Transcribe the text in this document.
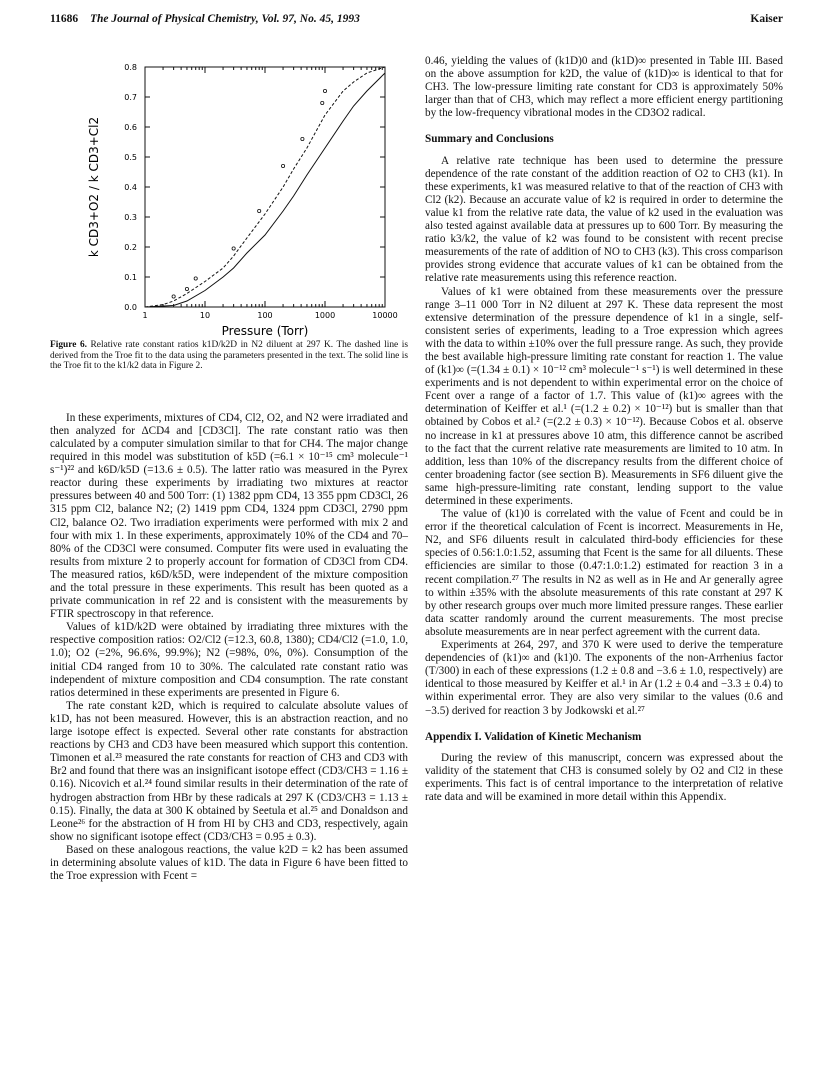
11686 The Journal of Physical Chemistry, Vol. 97, No. 45, 1993	Kaiser
0.0
0.1
0.2
0.3
0.4
0.5
0.6
0.7
0.8
1	10	100	1000	10000
Pressure (Torr)
k CD3+O2 / k CD3+Cl2
Figure 6. Relative rate constant ratios k1D/k2D in N2 diluent at 297 K. The dashed line is derived from the Troe fit to the data using the parameters presented in the text. The solid line is the Troe fit to the k1/k2 data in Figure 2.

In these experiments, mixtures of CD4, Cl2, O2, and N2 were irradiated and then analyzed for ΔCD4 and [CD3Cl]. The rate constant ratio was then calculated by a computer simulation similar to that for CH4. The major change required in this model was substitution of k5D (=6.1 × 10⁻¹⁵ cm³ molecule⁻¹ s⁻¹)²² and k6D/k5D (=13.6 ± 0.5). The latter ratio was measured in the Pyrex reactor during these experiments by irradiating two mixtures at reactor pressures between 40 and 500 Torr: (1) 1382 ppm CD4, 13 355 ppm CD3Cl, 26 315 ppm Cl2, balance N2; (2) 1419 ppm CD4, 1324 ppm CD3Cl, 2790 ppm Cl2, balance O2. Two irradiation experiments were performed with mix 2 and four with mix 1. In these experiments, approximately 10% of the CD4 and 70–80% of the CD3Cl were consumed. Computer fits were used in evaluating the results from mixture 2 to properly account for formation of CD3Cl from CD4. The measured ratios, k6D/k5D, were independent of the mixture composition and the total pressure in these experiments. This result has been quoted as a private communication in ref 22 and is consistent with the measurements by FTIR spectroscopy in that reference.

Values of k1D/k2D were obtained by irradiating three mixtures with the respective composition ratios: O2/Cl2 (=12.3, 60.8, 1380); CD4/Cl2 (=1.0, 1.0, 1.0); O2 (=2%, 96.6%, 99.9%); N2 (=98%, 0%, 0%). Consumption of the initial CD4 ranged from 10 to 30%. The calculated rate constant ratio was independent of mixture composition and CD4 consumption. The rate constant ratios determined in these experiments are presented in Figure 6.

The rate constant k2D, which is required to calculate absolute values of k1D, has not been measured. However, this is an abstraction reaction, and no large isotope effect is expected. Several other rate constants for abstraction reactions by CH3 and CD3 have been measured which support this contention. Timonen et al.²³ measured the rate constants for reaction of CH3 and CD3 with Br2 and found that there was an insignificant isotope effect (CD3/CH3 = 1.16 ± 0.16). Nicovich et al.²⁴ found similar results in their determination of the rate of hydrogen abstraction from HBr by these radicals at 297 K (CD3/CH3 = 1.13 ± 0.15). Finally, the data at 300 K obtained by Seetula et al.²⁵ and Donaldson and Leone²⁶ for the abstraction of H from HI by CH3 and CD3, respectively, again show no significant isotope effect (CD3/CH3 = 0.95 ± 0.3).

Based on these analogous reactions, the value k2D = k2 has been assumed in determining absolute values of k1D. The data in Figure 6 have been fitted to the Troe expression with Fcent =

0.46, yielding the values of (k1D)0 and (k1D)∞ presented in Table III. Based on the above assumption for k2D, the value of (k1D)∞ is identical to that for CH3. The low-pressure limiting rate constant for CD3 is approximately 50% larger than that of CH3, which may reflect a more efficient energy partitioning by the low-frequency vibrational modes in the CD3O2 radical.

Summary and Conclusions

A relative rate technique has been used to determine the pressure dependence of the rate constant of the addition reaction of O2 to CH3 (k1). In these experiments, k1 was measured relative to that of the reaction of CH3 with Cl2 (k2). Because an accurate value of k2 is required in order to determine the value k1 from the relative rate data, the value of k2 used in the evaluation was also tested against available data at pressures up to 600 Torr. By measuring the ratio k3/k2, the value of k2 was found to be consistent with recent precise measurements of the rate of addition of NO to CH3 (k3). This cross comparison provides strong evidence that accurate values of k1 can be obtained from the relative rate measurements using this reference reaction.

Values of k1 were obtained from these measurements over the pressure range 3–11 000 Torr in N2 diluent at 297 K. These data represent the most extensive determination of the pressure dependence of k1 in a single, self-consistent series of experiments, leading to a Troe expression which agrees with the data to within ±10% over the full pressure range. As such, they provide the best available high-pressure limiting rate constant for reaction 1. The value of (k1)∞ (=(1.34 ± 0.1) × 10⁻¹² cm³ molecule⁻¹ s⁻¹) is well determined in these experiments and is not dependent to within experimental error on the choice of Fcent over a range of a factor of 1.7. This value of (k1)∞ agrees with the determination of Keiffer et al.¹ (=(1.2 ± 0.2) × 10⁻¹²) but is smaller than that obtained by Cobos et al.² (=(2.2 ± 0.3) × 10⁻¹²). Because Cobos et al. observe no increase in k1 at pressures above 10 atm, this difference cannot be ascribed to the fact that the current relative rate measurements are limited to 10 atm. In addition, less than 10% of the discrepancy results from the different choice of center broadening factor (see section B). Measurements in SF6 diluent give the same high-pressure-limiting rate constant, lending support to the value determined in these experiments.

The value of (k1)0 is correlated with the value of Fcent and could be in error if the theoretical calculation of Fcent is incorrect. Measurements in He, N2, and SF6 diluents result in calculated third-body efficiencies for these species of 0.56:1.0:1.52, assuming that Fcent is the same for all diluents. These efficiencies are similar to those (0.47:1.0:1.2) estimated for reaction 3 in a recent compilation.²⁷ The results in N2 as well as in He and Ar generally agree to within ±35% with the absolute measurements of this rate constant at 297 K by other research groups over much more limited pressure ranges. These earlier data scatter randomly around the current measurements. The most precise absolute measurements are in near perfect agreement with the current data.

Experiments at 264, 297, and 370 K were used to derive the temperature dependencies of (k1)∞ and (k1)0. The exponents of the non-Arrhenius factor (T/300) in each of these expressions (1.2 ± 0.8 and −3.6 ± 1.0, respectively) are identical to those measured by Keiffer et al.¹ in Ar (1.2 ± 0.4 and −3.3 ± 0.4) to within experimental error. They are also very similar to the values (0.6 and −3.5) derived for reaction 3 by Jodkowski et al.²⁷

Appendix I. Validation of Kinetic Mechanism

During the review of this manuscript, concern was expressed about the validity of the statement that CH3 is consumed solely by O2 and Cl2 in these experiments. This fact is of central importance to the interpretation of relative rate data and will be examined in more detail within this Appendix.
